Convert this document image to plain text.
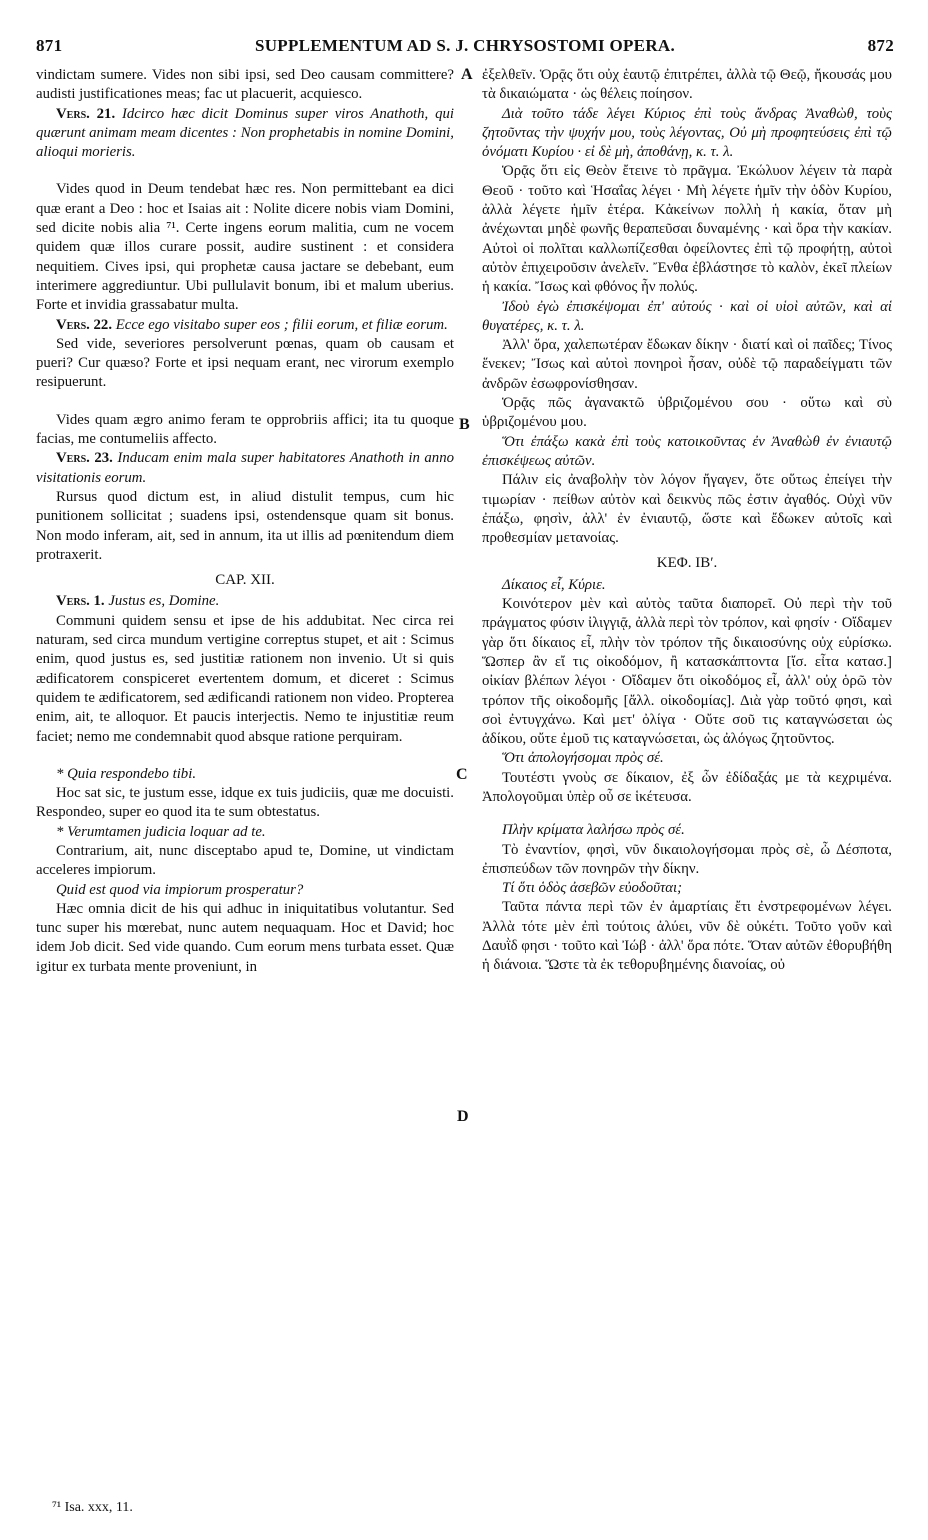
871	SUPPLEMENTUM AD S. J. CHRYSOSTOMI OPERA.	872

vindictam sumere. Vides non sibi ipsi, sed Deo causam committere? audisti justificationes meas; fac ut placuerit, acquiesco.

Vers. 21. Idcirco hæc dicit Dominus super viros Anathoth, qui quærunt animam meam dicentes : Non prophetabis in nomine Domini, alioqui morieris.

Vides quod in Deum tendebat hæc res. Non permittebant ea dici quæ erant a Deo : hoc et Isaias ait : Nolite dicere nobis viam Domini, sed dicite nobis alia ⁷¹. Certe ingens eorum malitia, cum ne vocem quidem quæ illos curare possit, audire sustinent : et considera nequitiem. Cives ipsi, qui prophetæ causa jactare se debebant, eum interimere aggrediuntur. Ubi pullulavit bonum, ibi et malum uberius. Forte et invidia grassabatur multa.

Vers. 22. Ecce ego visitabo super eos ; filii eorum, et filiæ eorum.

Sed vide, severiores persolverunt pœnas, quam ob causam et pueri? Cur quæso? Forte et ipsi nequam erant, nec virorum exemplo resipuerunt.

Vides quam ægro animo feram te opprobriis affici; ita tu quoque facias, me contumeliis affecto.

Vers. 23. Inducam enim mala super habitatores Anathoth in anno visitationis eorum.

Rursus quod dictum est, in aliud distulit tempus, cum hic punitionem sollicitat ; suadens ipsi, ostendensque quam sit bonus. Non modo inferam, ait, sed in annum, ita ut illis ad pœnitendum diem protraxerit.

CAP. XII.

Vers. 1. Justus es, Domine.

Communi quidem sensu et ipse de his addubitat. Nec circa rei naturam, sed circa mundum vertigine correptus stupet, et ait : Scimus enim, quod justus es, sed justitiæ rationem non invenio. Ut si quis ædificatorem conspiceret evertentem domum, et diceret : Scimus quidem te ædificatorem, sed ædificandi rationem non video. Propterea enim, ait, te alloquor. Et paucis interjectis. Nemo te injustitiæ reum faciet; nemo me condemnabit quod absque ratione perquiram.

* Quia respondebo tibi.

Hoc sat sic, te justum esse, idque ex tuis judiciis, quæ me docuisti. Respondeo, super eo quod ita te sum obtestatus.

* Verumtamen judicia loquar ad te.

Contrarium, ait, nunc disceptabo apud te, Domine, ut vindictam acceleres impiorum.

Quid est quod via impiorum prosperatur?

Hæc omnia dicit de his qui adhuc in iniquitatibus volutantur. Sed tunc super his mœrebat, nunc autem nequaquam. Hoc et David; hoc idem Job dicit. Sed vide quando. Cum eorum mens turbata esset. Quæ igitur ex turbata mente proveniunt, in

ἐξελθεῖν. Ὁρᾷς ὅτι οὐχ ἑαυτῷ ἐπιτρέπει, ἀλλὰ τῷ Θεῷ, ἤκουσάς μου τὰ δικαιώματα · ὡς θέλεις ποίησον.

Διὰ τοῦτο τάδε λέγει Κύριος ἐπὶ τοὺς ἄνδρας Ἀναθὼθ, τοὺς ζητοῦντας τὴν ψυχήν μου, τοὺς λέγοντας, Οὐ μὴ προφητεύσεις ἐπὶ τῷ ὀνόματι Κυρίου · εἰ δὲ μὴ, ἀποθάνῃ, κ. τ. λ.

Ὁρᾷς ὅτι εἰς Θεὸν ἔτεινε τὸ πρᾶγμα. Ἐκώλυον λέγειν τὰ παρὰ Θεοῦ · τοῦτο καὶ Ἡσαΐας λέγει · Μὴ λέγετε ἡμῖν τὴν ὁδὸν Κυρίου, ἀλλὰ λέγετε ἡμῖν ἑτέρα. Κἀκείνων πολλὴ ἡ κακία, ὅταν μὴ ἀνέχωνται μηδὲ φωνῆς θεραπεῦσαι δυναμένης · καὶ ὅρα τὴν κακίαν. Αὐτοὶ οἱ πολῖται καλλωπίζεσθαι ὀφείλοντες ἐπὶ τῷ προφήτῃ, αὐτοὶ αὐτὸν ἐπιχειροῦσιν ἀνελεῖν. Ἔνθα ἐβλάστησε τὸ καλὸν, ἐκεῖ πλείων ἡ κακία. Ἴσως καὶ φθόνος ἦν πολύς.

Ἰδοὺ ἐγὼ ἐπισκέψομαι ἐπ' αὐτούς · καὶ οἱ υἱοὶ αὐτῶν, καὶ αἱ θυγατέρες, κ. τ. λ.

Ἀλλ' ὅρα, χαλεπωτέραν ἔδωκαν δίκην · διατί καὶ οἱ παῖδες; Τίνος ἕνεκεν; Ἴσως καὶ αὐτοὶ πονηροὶ ἦσαν, οὐδὲ τῷ παραδείγματι τῶν ἀνδρῶν ἐσωφρονίσθησαν.

Ὁρᾷς πῶς ἀγανακτῶ ὑβριζομένου σου · οὕτω καὶ σὺ ὑβριζομένου μου.

Ὅτι ἐπάξω κακὰ ἐπὶ τοὺς κατοικοῦντας ἐν Ἀναθὼθ ἐν ἐνιαυτῷ ἐπισκέψεως αὐτῶν.

Πάλιν εἰς ἀναβολὴν τὸν λόγον ἤγαγεν, ὅτε οὕτως ἐπείγει τὴν τιμωρίαν · πείθων αὐτὸν καὶ δεικνὺς πῶς ἐστιν ἀγαθός. Οὐχὶ νῦν ἐπάξω, φησὶν, ἀλλ' ἐν ἐνιαυτῷ, ὥστε καὶ ἔδωκεν αὐτοῖς καὶ προθεσμίαν μετανοίας.

ΚΕΦ. ΙΒʹ.

Δίκαιος εἶ, Κύριε.

Κοινότερον μὲν καὶ αὐτὸς ταῦτα διαπορεῖ. Οὐ περὶ τὴν τοῦ πράγματος φύσιν ἰλιγγιᾷ, ἀλλὰ περὶ τὸν τρόπον, καὶ φησίν · Οἴδαμεν γὰρ ὅτι δίκαιος εἶ, πλὴν τὸν τρόπον τῆς δικαιοσύνης οὐχ εὑρίσκω. Ὥσπερ ἂν εἴ τις οἰκοδόμον, ἢ κατασκάπτοντα [ἴσ. εἶτα κατασ.] οἰκίαν βλέπων λέγοι · Οἴδαμεν ὅτι οἰκοδόμος εἶ, ἀλλ' οὐχ ὁρῶ τὸν τρόπον τῆς οἰκοδομῆς [ἄλλ. οἰκοδομίας]. Διὰ γὰρ τοῦτό φησι, καὶ σοὶ ἐντυγχάνω. Καὶ μετ' ὀλίγα · Οὔτε σοῦ τις καταγνώσεται ὡς ἀδίκου, οὔτε ἐμοῦ τις καταγνώσεται, ὡς ἀλόγως ζητοῦντος.

Ὅτι ἀπολογήσομαι πρὸς σέ.

Τουτέστι γνοὺς σε δίκαιον, ἐξ ὧν ἐδίδαξάς με τὰ κεχριμένα. Ἀπολογοῦμαι ὑπὲρ οὗ σε ἱκέτευσα.

Πλὴν κρίματα λαλήσω πρὸς σέ.

Τὸ ἐναντίον, φησὶ, νῦν δικαιολογήσομαι πρὸς σὲ, ὦ Δέσποτα, ἐπισπεύδων τῶν πονηρῶν τὴν δίκην.

Τί ὅτι ὁδὸς ἀσεβῶν εὐοδοῦται;

Ταῦτα πάντα περὶ τῶν ἐν ἁμαρτίαις ἔτι ἐνστρεφομένων λέγει. Ἀλλὰ τότε μὲν ἐπὶ τούτοις ἀλύει, νῦν δὲ οὐκέτι. Τοῦτο γοῦν καὶ Δαυῒδ φησι · τοῦτο καὶ Ἰώβ · ἀλλ' ὅρα πότε. Ὅταν αὐτῶν ἐθορυβήθη ἡ διάνοια. Ὥστε τὰ ἐκ τεθορυβημένης διανοίας, οὐ

A
B
C
D
⁷¹ Isa. xxx, 11.
